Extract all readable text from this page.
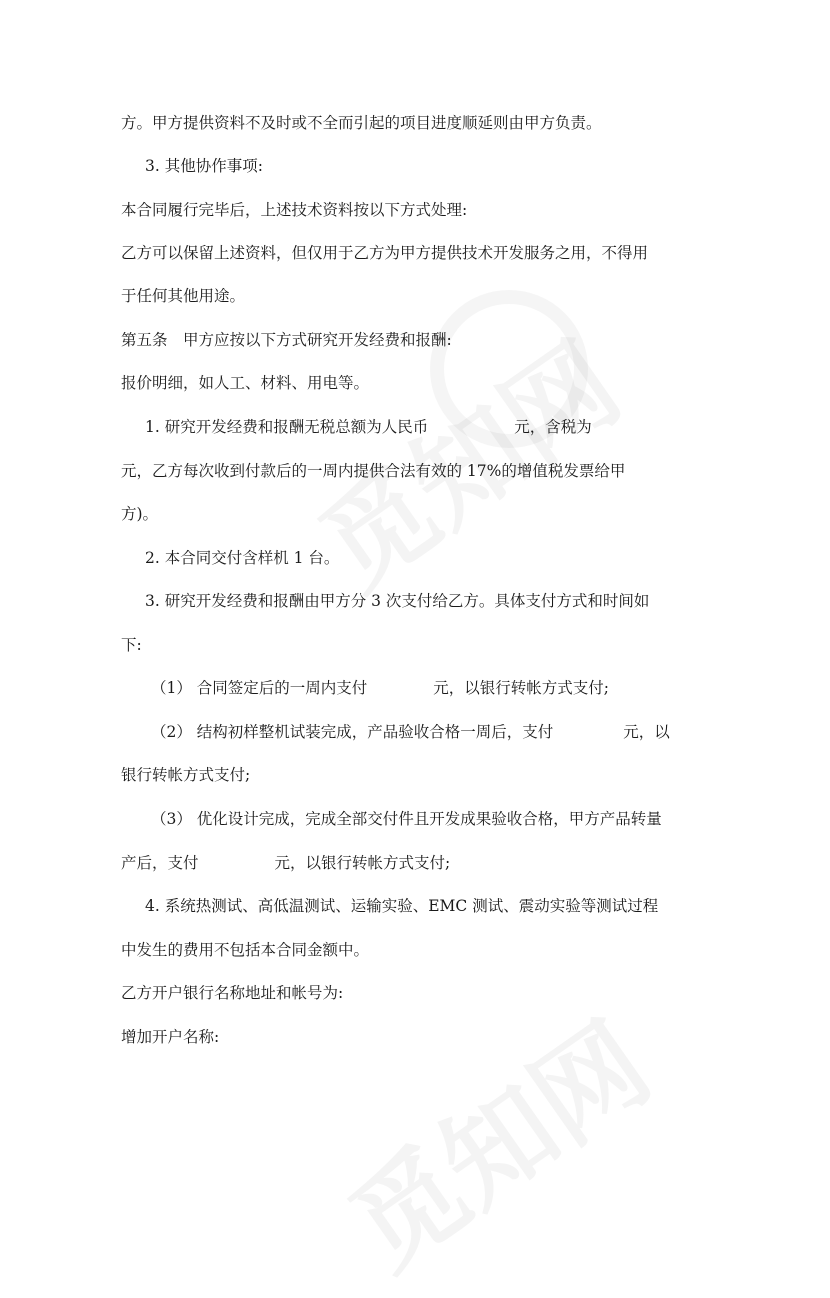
方。甲方提供资料不及时或不全而引起的项目进度顺延则由甲方负责。
3. 其他协作事项:
本合同履行完毕后，上述技术资料按以下方式处理:
乙方可以保留上述资料，但仅用于乙方为甲方提供技术开发服务之用，不得用
于任何其他用途。
第五条　甲方应按以下方式研究开发经费和报酬:
报价明细，如人工、材料、用电等。
1. 研究开发经费和报酬无税总额为人民币	元，含税为
元，乙方每次收到付款后的一周内提供合法有效的 17%的增值税发票给甲
方)。
2. 本合同交付含样机 1 台。
3. 研究开发经费和报酬由甲方分 3 次支付给乙方。具体支付方式和时间如
下:
（1） 合同签定后的一周内支付	元，以银行转帐方式支付;
（2） 结构初样整机试装完成，产品验收合格一周后，支付	元，以
银行转帐方式支付;
（3） 优化设计完成，完成全部交付件且开发成果验收合格，甲方产品转量
产后，支付	元，以银行转帐方式支付;
4. 系统热测试、高低温测试、运输实验、EMC 测试、震动实验等测试过程
中发生的费用不包括本合同金额中。
乙方开户银行名称地址和帐号为:
增加开户名称:
